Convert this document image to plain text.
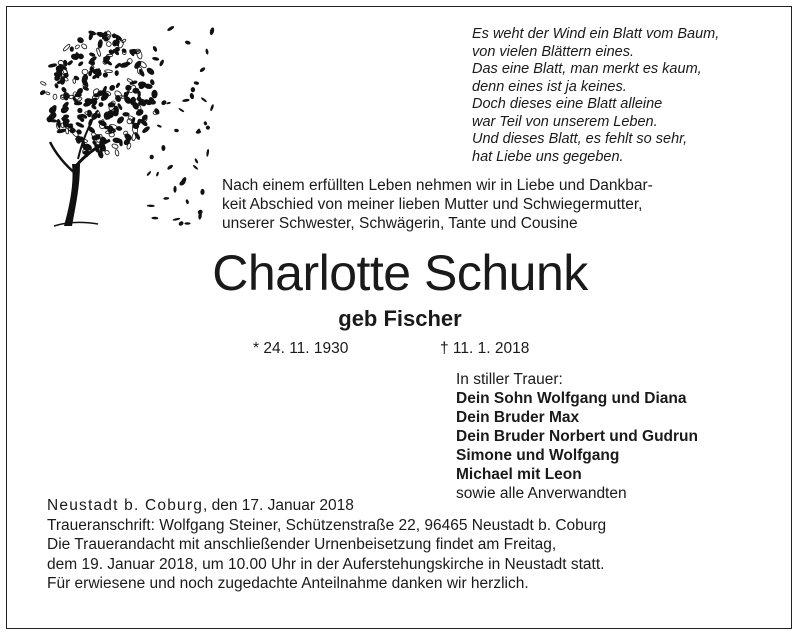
Es weht der Wind ein Blatt vom Baum,
von vielen Blättern eines.
Das eine Blatt, man merkt es kaum,
denn eines ist ja keines.
Doch dieses eine Blatt alleine
war Teil von unserem Leben.
Und dieses Blatt, es fehlt so sehr,
hat Liebe uns gegeben.
Nach einem erfüllten Leben nehmen wir in Liebe und Dankbar-
keit Abschied von meiner lieben Mutter und Schwiegermutter,
unserer Schwester, Schwägerin, Tante und Cousine
Charlotte Schunk
geb Fischer
* 24. 11. 1930	† 11. 1. 2018
In stiller Trauer:
Dein Sohn Wolfgang und Diana
Dein Bruder Max
Dein Bruder Norbert und Gudrun
Simone und Wolfgang
Michael mit Leon
sowie alle Anverwandten
Neustadt b. Coburg, den 17. Januar 2018
Traueranschrift: Wolfgang Steiner, Schützenstraße 22, 96465 Neustadt b. Coburg
Die Trauerandacht mit anschließender Urnenbeisetzung findet am Freitag,
dem 19. Januar 2018, um 10.00 Uhr in der Auferstehungskirche in Neustadt statt.
Für erwiesene und noch zugedachte Anteilnahme danken wir herzlich.
